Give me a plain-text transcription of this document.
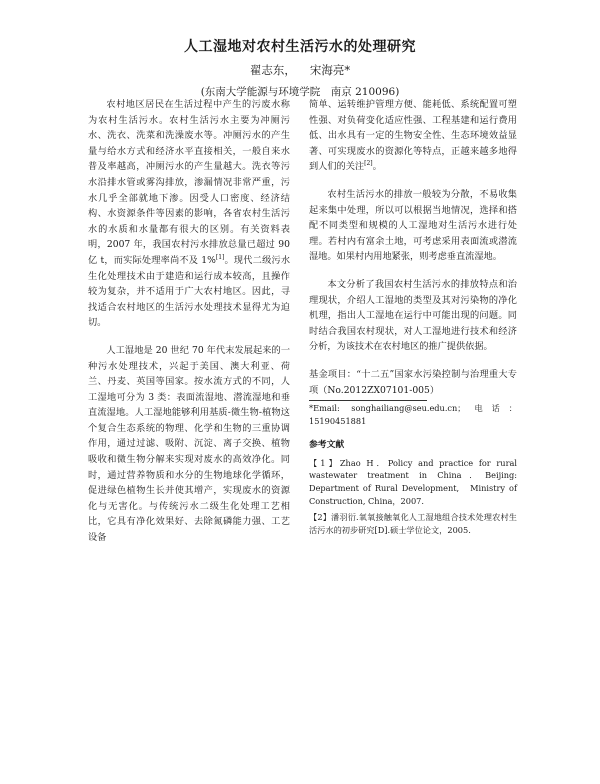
人工湿地对农村生活污水的处理研究
翟志东， 宋海亮*
(东南大学能源与环境学院　南京 210096)

农村地区居民在生活过程中产生的污废水称为农村生活污水。农村生活污水主要为冲厕污水、洗衣、洗菜和洗澡废水等。冲厕污水的产生量与给水方式和经济水平直接相关，一般自来水普及率越高，冲厕污水的产生量越大。洗衣等污水沿排水管或雾沟排放，渗漏情况非常严重，污水几乎全部就地下渗。因受人口密度、经济结构、水资源条件等因素的影响，各省农村生活污水的水质和水量都有很大的区别。有关资料表明，2007 年，我国农村污水排放总量已超过 90 亿 t，而实际处理率尚不及 1%[1]。现代二级污水生化处理技术由于建造和运行成本较高，且操作较为复杂，并不适用于广大农村地区。因此，寻找适合农村地区的生活污水处理技术显得尤为迫切。

人工湿地是 20 世纪 70 年代末发展起来的一种污水处理技术，兴起于美国、澳大利亚、荷兰、丹麦、英国等国家。按水流方式的不同，人工湿地可分为 3 类：表面流湿地、潜流湿地和垂直流湿地。人工湿地能够利用基质-微生物-植物这个复合生态系统的物理、化学和生物的三重协调作用，通过过滤、吸附、沉淀、离子交换、植物吸收和微生物分解来实现对废水的高效净化。同时，通过营养物质和水分的生物地球化学循环，促进绿色植物生长并使其增产，实现废水的资源化与无害化。与传统污水二级生化处理工艺相比，它具有净化效果好、去除氮磷能力强、工艺设备

简单、运转维护管理方便、能耗低、系统配置可塑性强、对负荷变化适应性强、工程基建和运行费用低、出水具有一定的生物安全性、生态环境效益显著、可实现废水的资源化等特点，正越来越多地得到人们的关注[2]。

农村生活污水的排放一般较为分散，不易收集起来集中处理，所以可以根据当地情况，选择和搭配不同类型和规模的人工湿地对生活污水进行处理。若村内有富余土地，可考虑采用表面流或潜流湿地。如果村内用地紧张，则考虑垂直流湿地。

本文分析了我国农村生活污水的排放特点和治理现状，介绍人工湿地的类型及其对污染物的净化机理，指出人工湿地在运行中可能出现的问题。同时结合我国农村现状，对人工湿地进行技术和经济分析，为该技术在农村地区的推广提供依据。

基金项目：“十二五”国家水污染控制与治理重大专项（No.2012ZX07101-005）
*Email: songhailiang@seu.edu.cn；电话：15190451881
参考文献
【1】Zhao H．Policy and practice for rural wastewater treatment in China．Beijing: Department of Rural Development,　Ministry of Construction, China，2007.
【2】潘羽衍.氧氧接触氧化人工湿地组合技术处理农村生活污水的初步研究[D].硕士学位论文，2005.
